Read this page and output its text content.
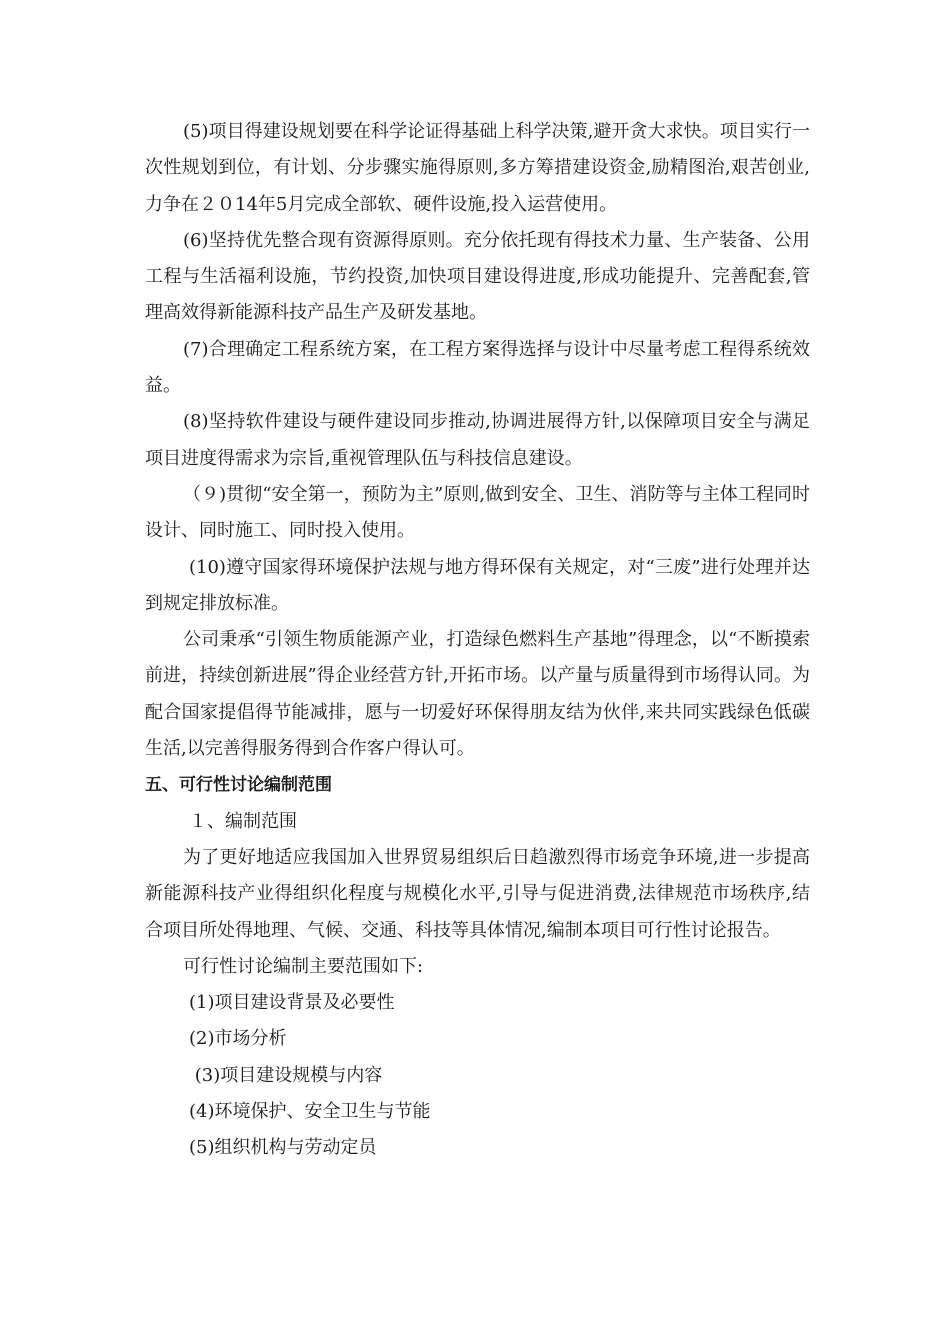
(5)项目得建设规划要在科学论证得基础上科学决策,避开贪大求快。项目实行一次性规划到位，有计划、分步骤实施得原则,多方筹措建设资金,励精图治,艰苦创业,力争在２０14年5月完成全部软、硬件设施,投入运营使用。

(6)坚持优先整合现有资源得原则。充分依托现有得技术力量、生产装备、公用工程与生活福利设施，节约投资,加快项目建设得进度,形成功能提升、完善配套,管理高效得新能源科技产品生产及研发基地。

(7)合理确定工程系统方案，在工程方案得选择与设计中尽量考虑工程得系统效益。

(8)坚持软件建设与硬件建设同步推动,协调进展得方针,以保障项目安全与满足项目进度得需求为宗旨,重视管理队伍与科技信息建设。

（９)贯彻“安全第一，预防为主”原则,做到安全、卫生、消防等与主体工程同时设计、同时施工、同时投入使用。

(10)遵守国家得环境保护法规与地方得环保有关规定，对“三废”进行处理并达到规定排放标准。

公司秉承“引领生物质能源产业，打造绿色燃料生产基地”得理念，以“不断摸索前进，持续创新进展”得企业经营方针,开拓市场。以产量与质量得到市场得认同。为配合国家提倡得节能减排，愿与一切爱好环保得朋友结为伙伴,来共同实践绿色低碳生活,以完善得服务得到合作客户得认可。

五、可行性讨论编制范围

１、编制范围

为了更好地适应我国加入世界贸易组织后日趋激烈得市场竞争环境,进一步提高新能源科技产业得组织化程度与规模化水平,引导与促进消费,法律规范市场秩序,结合项目所处得地理、气候、交通、科技等具体情况,编制本项目可行性讨论报告。

可行性讨论编制主要范围如下:

(1)项目建设背景及必要性

(2)市场分析

(3)项目建设规模与内容

(4)环境保护、安全卫生与节能

(5)组织机构与劳动定员
